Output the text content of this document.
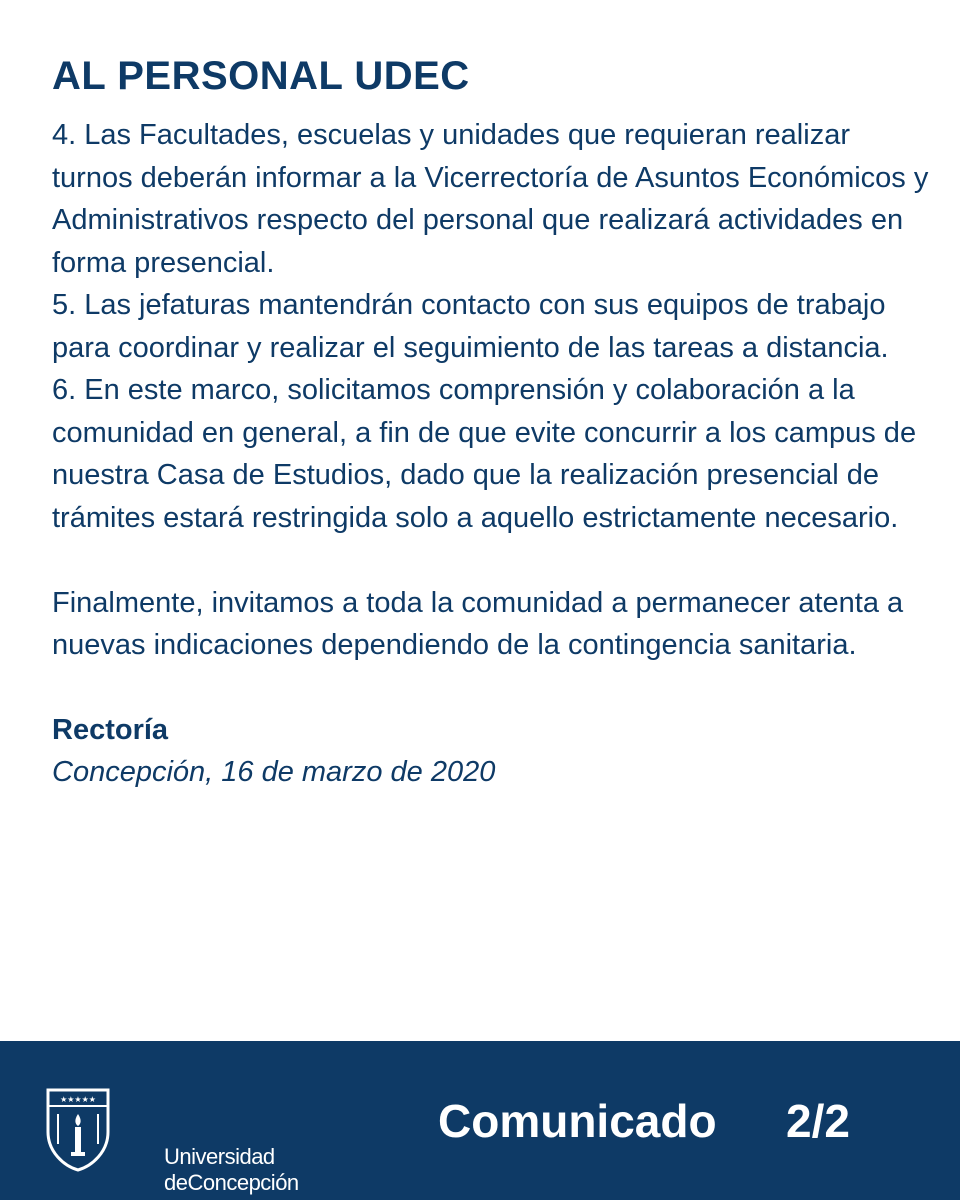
AL PERSONAL UDEC

4. Las Facultades, escuelas y unidades que requieran realizar turnos deberán informar a la Vicerrectoría de Asuntos Económicos y Administrativos respecto del personal que realizará actividades en forma presencial.

5. Las jefaturas mantendrán contacto con sus equipos de trabajo para coordinar y realizar el seguimiento de las tareas a distancia.

6. En este marco, solicitamos comprensión y colaboración a la comunidad en general, a fin de que evite concurrir a los campus de nuestra Casa de Estudios, dado que la realización presencial de trámites estará restringida solo a aquello estrictamente necesario.

Finalmente, invitamos a toda la comunidad a permanecer atenta a nuevas indicaciones dependiendo de la contingencia sanitaria.

Rectoría

Concepción, 16 de marzo de 2020

★★★★★
Universidad
deConcepción
Comunicado 2/2
